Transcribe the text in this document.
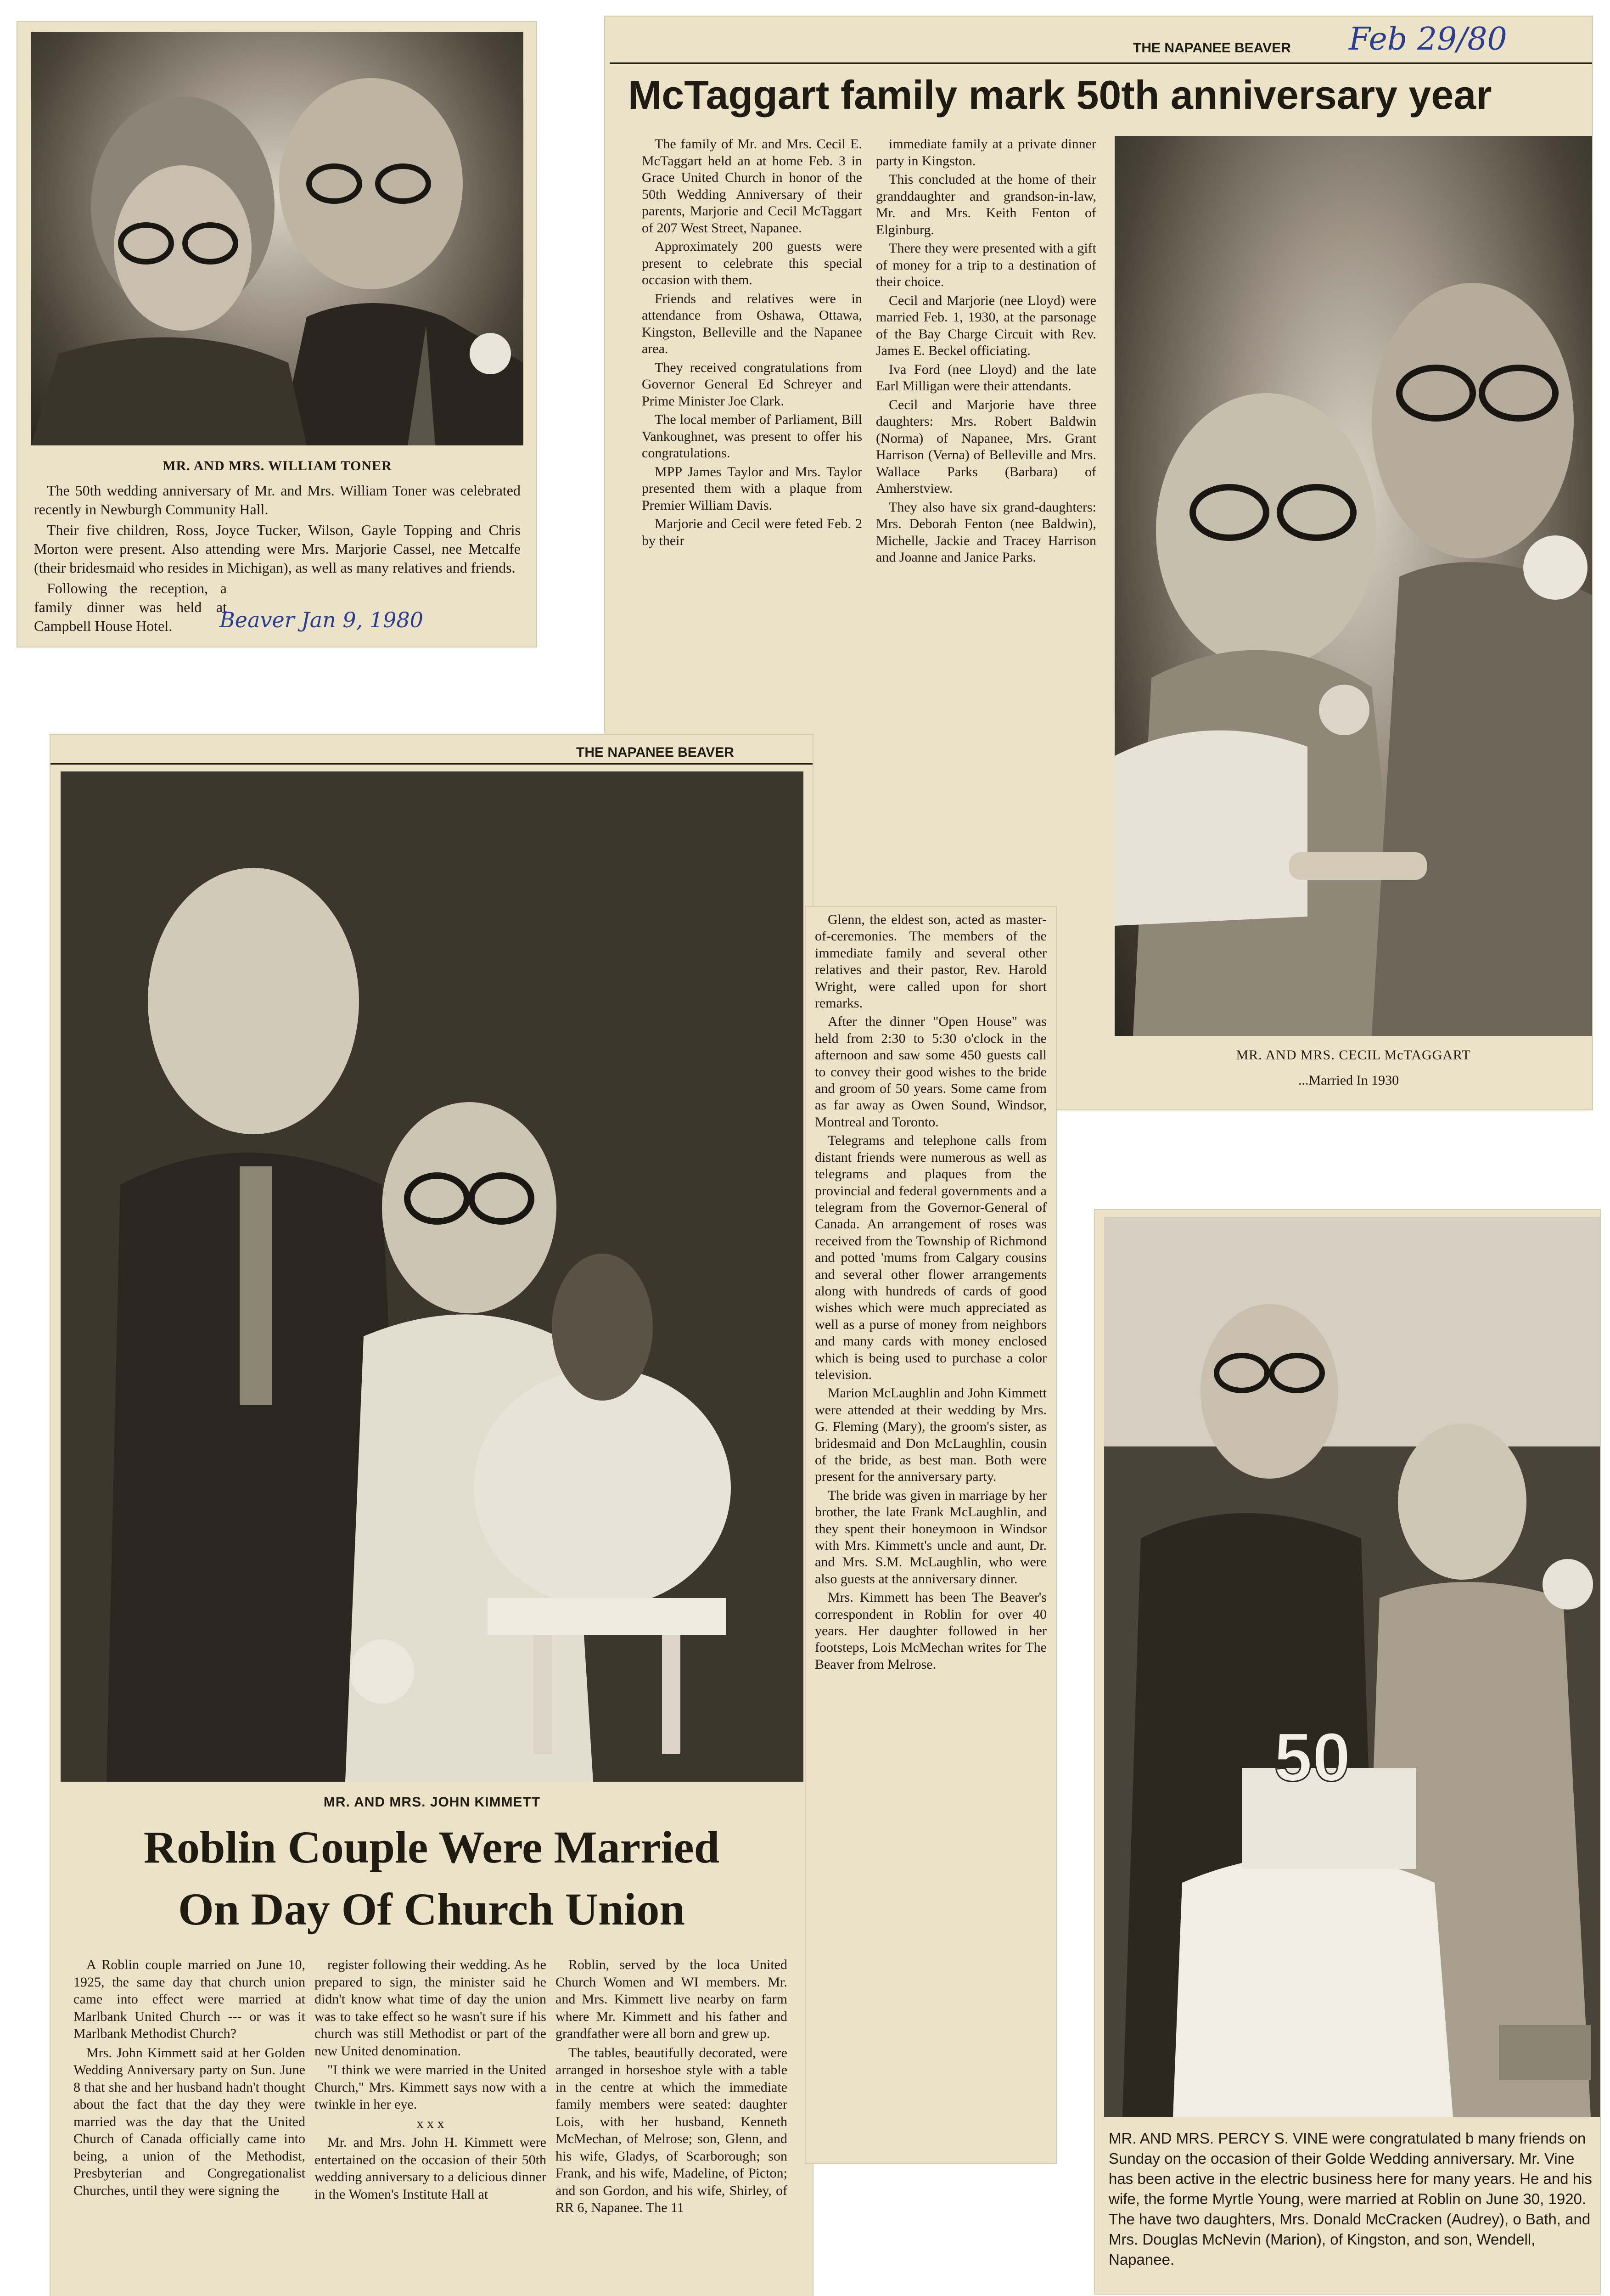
MR. AND MRS. WILLIAM TONER

The 50th wedding anniversary of Mr. and Mrs. William Toner was celebrated recently in Newburgh Community Hall.

Their five children, Ross, Joyce Tucker, Wilson, Gayle Topping and Chris Morton were present. Also attending were Mrs. Marjorie Cassel, nee Metcalfe (their bridesmaid who resides in Michigan), as well as many relatives and friends.

Following the reception, a family dinner was held at Campbell House Hotel.	Beaver Jan 9, 1980
THE NAPANEE BEAVER Feb 29/80
McTaggart family mark 50th anniversary year

The family of Mr. and Mrs. Cecil E. McTaggart held an at home Feb. 3 in Grace United Church in honor of the 50th Wedding Anniversary of their parents, Marjorie and Cecil McTaggart of 207 West Street, Napanee.

Approximately 200 guests were present to celebrate this special occasion with them.

Friends and relatives were in attendance from Oshawa, Ottawa, Kingston, Belleville and the Napanee area.

They received congratulations from Governor General Ed Schreyer and Prime Minister Joe Clark.

The local member of Parliament, Bill Vankoughnet, was present to offer his congratulations.

MPP James Taylor and Mrs. Taylor presented them with a plaque from Premier William Davis.

Marjorie and Cecil were feted Feb. 2 by their

immediate family at a private dinner party in Kingston.

This concluded at the home of their granddaughter and grandson-in-law, Mr. and Mrs. Keith Fenton of Elginburg.

There they were presented with a gift of money for a trip to a destination of their choice.

Cecil and Marjorie (nee Lloyd) were married Feb. 1, 1930, at the parsonage of the Bay Charge Circuit with Rev. James E. Beckel officiating.

Iva Ford (nee Lloyd) and the late Earl Milligan were their attendants.

Cecil and Marjorie have three daughters: Mrs. Robert Baldwin (Norma) of Napanee, Mrs. Grant Harrison (Verna) of Belleville and Mrs. Wallace Parks (Barbara) of Amherstview.

They also have six grand-daughters: Mrs. Deborah Fenton (nee Baldwin), Michelle, Jackie and Tracey Harrison and Joanne and Janice Parks.

MR. AND MRS. CECIL McTAGGART
...Married In 1930
THE NAPANEE BEAVER
MR. AND MRS. JOHN KIMMETT
Roblin Couple Were Married
On Day Of Church Union

A Roblin couple married on June 10, 1925, the same day that church union came into effect were married at Marlbank United Church --- or was it Marlbank Methodist Church?

Mrs. John Kimmett said at her Golden Wedding Anniversary party on Sun. June 8 that she and her husband hadn't thought about the fact that the day they were married was the day that the United Church of Canada officially came into being, a union of the Methodist, Presbyterian and Congregationalist Churches, until they were signing the

register following their wedding. As he prepared to sign, the minister said he didn't know what time of day the union was to take effect so he wasn't sure if his church was still Methodist or part of the new United denomination.

"I think we were married in the United Church," Mrs. Kimmett says now with a twinkle in her eye.

x x x

Mr. and Mrs. John H. Kimmett were entertained on the occasion of their 50th wedding anniversary to a delicious dinner in the Women's Institute Hall at

Roblin, served by the loca United Church Women and WI members. Mr. and Mrs. Kimmett live nearby on farm where Mr. Kimmett and his father and grandfather were all born and grew up.

The tables, beautifully decorated, were arranged in horseshoe style with a table in the centre at which the immediate family members were seated: daughter Lois, with her husband, Kenneth McMechan, of Melrose; son, Glenn, and his wife, Gladys, of Scarborough; son Frank, and his wife, Madeline, of Picton; and son Gordon, and his wife, Shirley, of RR 6, Napanee. The 11

Glenn, the eldest son, acted as master-of-ceremonies. The members of the immediate family and several other relatives and their pastor, Rev. Harold Wright, were called upon for short remarks.

After the dinner "Open House" was held from 2:30 to 5:30 o'clock in the afternoon and saw some 450 guests call to convey their good wishes to the bride and groom of 50 years. Some came from as far away as Owen Sound, Windsor, Montreal and Toronto.

Telegrams and telephone calls from distant friends were numerous as well as telegrams and plaques from the provincial and federal governments and a telegram from the Governor-General of Canada. An arrangement of roses was received from the Township of Richmond and potted 'mums from Calgary cousins and several other flower arrangements along with hundreds of cards of good wishes which were much appreciated as well as a purse of money from neighbors and many cards with money enclosed which is being used to purchase a color television.

Marion McLaughlin and John Kimmett were attended at their wedding by Mrs. G. Fleming (Mary), the groom's sister, as bridesmaid and Don McLaughlin, cousin of the bride, as best man. Both were present for the anniversary party.

The bride was given in marriage by her brother, the late Frank McLaughlin, and they spent their honeymoon in Windsor with Mrs. Kimmett's uncle and aunt, Dr. and Mrs. S.M. McLaughlin, who were also guests at the anniversary dinner.

Mrs. Kimmett has been The Beaver's correspondent in Roblin for over 40 years. Her daughter followed in her footsteps, Lois McMechan writes for The Beaver from Melrose.

50
MR. AND MRS. PERCY S. VINE were congratulated b many friends on Sunday on the occasion of their Golde Wedding anniversary. Mr. Vine has been active in the electric business here for many years. He and his wife, the forme Myrtle Young, were married at Roblin on June 30, 1920. The have two daughters, Mrs. Donald McCracken (Audrey), o Bath, and Mrs. Douglas McNevin (Marion), of Kingston, and son, Wendell, Napanee.
